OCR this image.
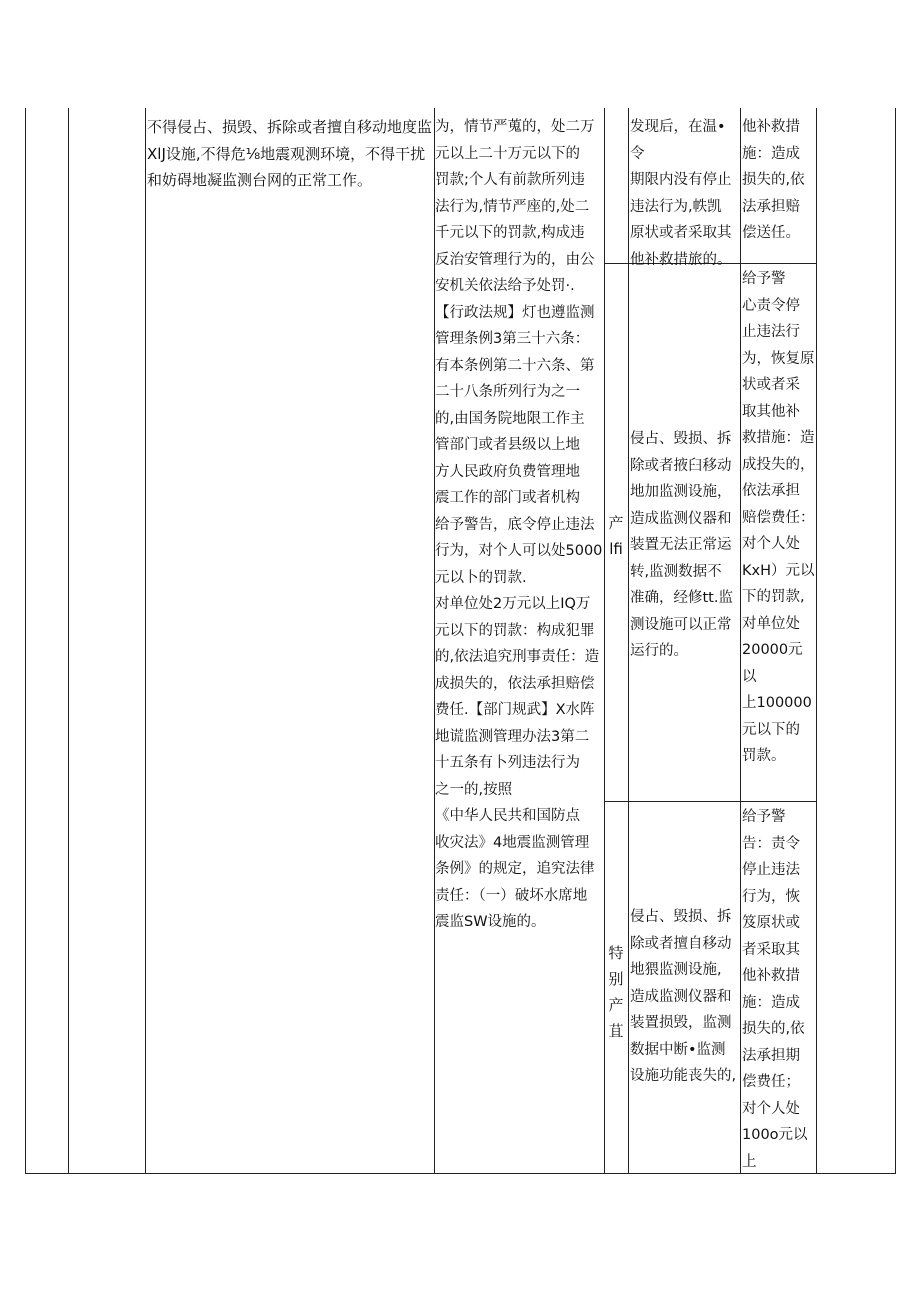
不得侵占、损毁、拆除或者擅自移动地度监
XlJ设施,不得危⅛地震观测环境，不得干扰
和妨碍地凝监测台网的正常工作。
为，情节严蒐的，处二万
元以上二十万元以下的
罚款;个人有前款所列违
法行为,情节严座的,处二
千元以下的罚款,构成违
反治安管理行为的，由公
安机关依法给予处罚·.
【行政法规】灯也遵监测
管理条例3第三十六条：
有本条例第二十六条、第
二十八条所列行为之一
的,由国务院地限工作主
管部门或者县级以上地
方人民政府负费管理地
震工作的部门或者机构
给予警告，底令停止违法
行为，对个人可以处5000
元以卜的罚款.
对单位处2万元以上IQ万
元以下的罚款：构成犯罪
的,依法追究刑事责任：造
成损失的，依法承担赔偿
费任.【部门规武】X水阵
地谎监测管理办法3第二
十五条有卜列违法行为
之一的,按照
《中华人民共和国防点
收灾法》4地震监测管理
条例》的规定，追究法律
责任：（一）破坏水席地
震监SW设施的。
发现后，在温•令
期限内没有停止
违法行为,帙凯
原状或者采取其
他补救措旅的。
他补救措
施：造成
损失的,依
法承担赔
偿送任。
产
lfi
侵占、毁损、拆
除或者掖臼移动
地加监测设施，
造成监测仪器和
装置无法正常运
转,监测数据不
准确，经修tt.监
测设施可以正常
运行的。
给予警
心责令停
止违法行
为，恢复原
状或者采
取其他补
救措施：造
成投失的，
依法承担
赔偿费任：
对个人处
KxH）元以
下的罚款,
对单位处
20000元以
上100000
元以下的
罚款。
特
别
产
苴
侵占、毁损、拆
除或者擅自移动
地猥监测设施,
造成监测仪器和
装置损毁，监测
数据中断•监测
设施功能丧失的,
给予警
告：责令
停止违法
行为，恢
笈原状或
者采取其
他补救措
施：造成
损失的,依
法承担期
偿费任；
对个人处
100o元以
上
